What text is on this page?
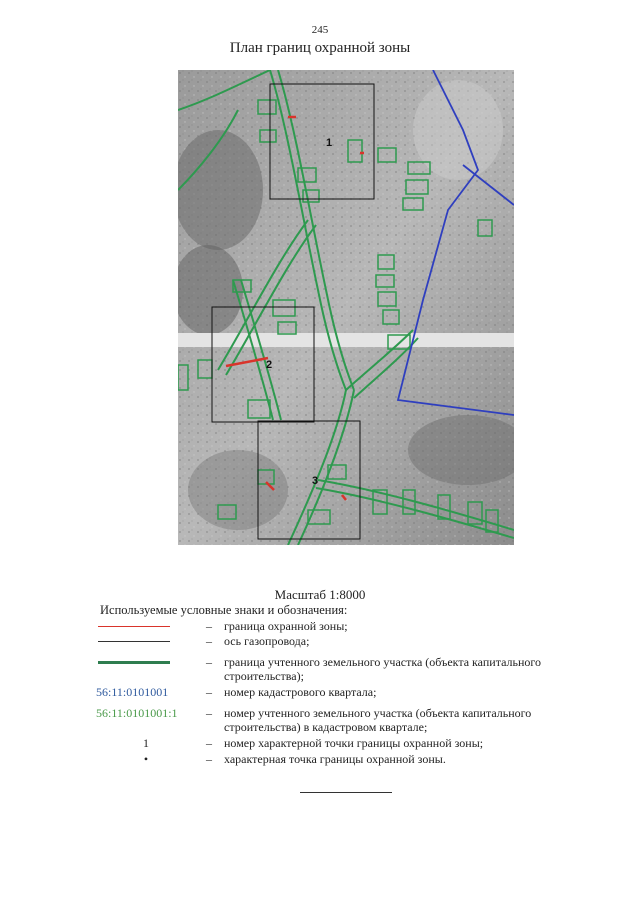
245
План границ охранной зоны
1
2
3
Масштаб 1:8000
Используемые условные знаки и обозначения:
– граница охранной зоны;
– ось газопровода;
– граница учтенного земельного участка (объекта капитального строительства);
56:11:0101001	– номер кадастрового квартала;
56:11:0101001:1	– номер учтенного земельного участка (объекта капитального строительства) в кадастровом квартале;
1	– номер характерной точки границы охранной зоны;
•	– характерная точка границы охранной зоны.
